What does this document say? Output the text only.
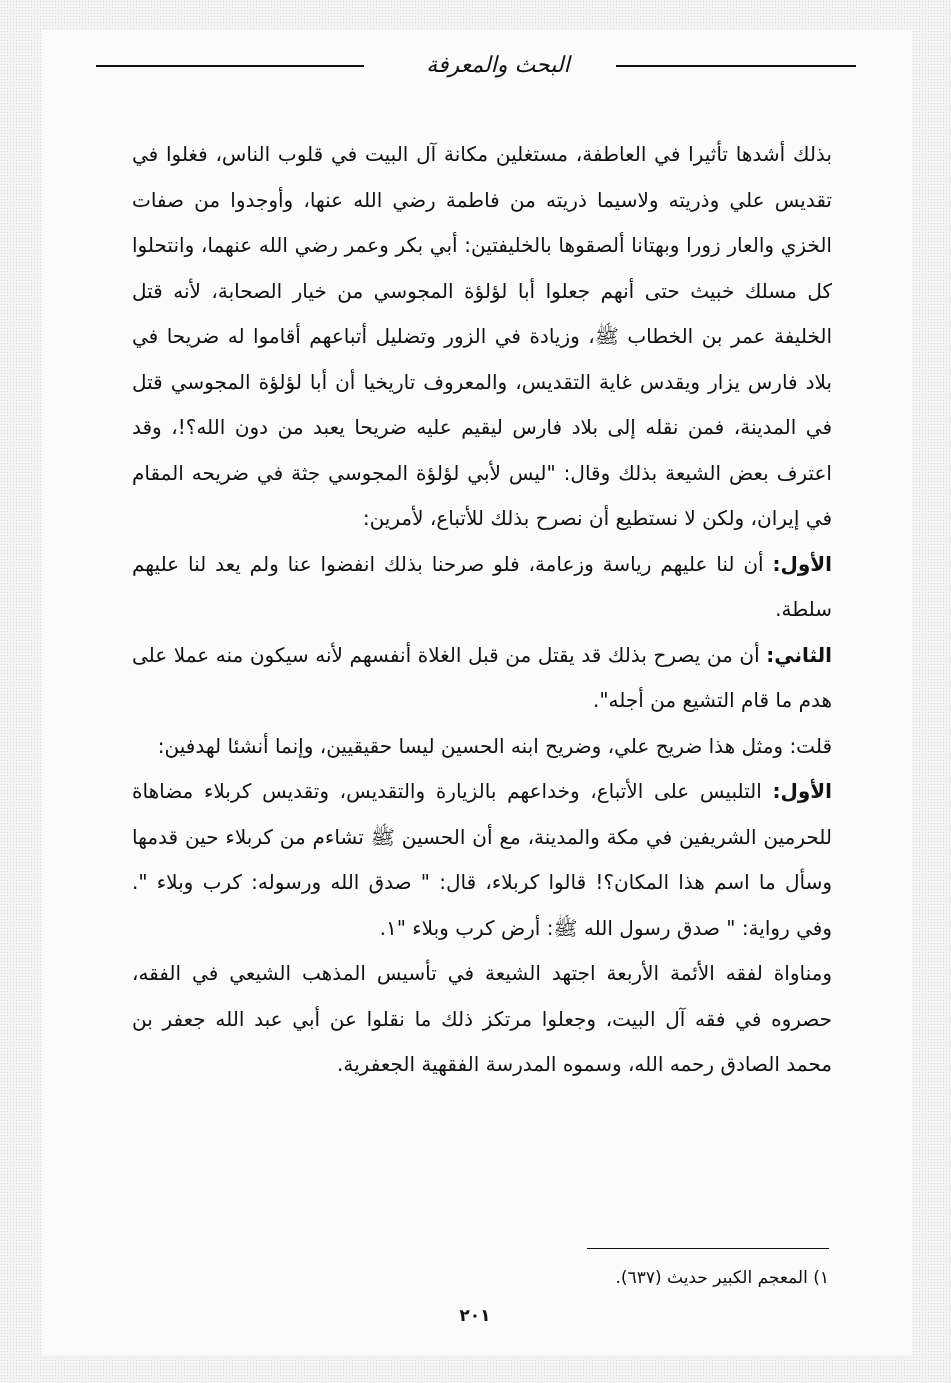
البحث والمعرفة

بذلك أشدها تأثيرا في العاطفة، مستغلين مكانة آل البيت في قلوب الناس، فغلوا في تقديس علي وذريته ولاسيما ذريته من فاطمة رضي الله عنها، وأوجدوا من صفات الخزي والعار زورا وبهتانا ألصقوها بالخليفتين: أبي بكر وعمر رضي الله عنهما، وانتحلوا كل مسلك خبيث حتى أنهم جعلوا أبا لؤلؤة المجوسي من خيار الصحابة، لأنه قتل الخليفة عمر بن الخطاب ﷺ، وزيادة في الزور وتضليل أتباعهم أقاموا له ضريحا في بلاد فارس يزار ويقدس غاية التقديس، والمعروف تاريخيا أن أبا لؤلؤة المجوسي قتل في المدينة، فمن نقله إلى بلاد فارس ليقيم عليه ضريحا يعبد من دون الله؟!، وقد اعترف بعض الشيعة بذلك وقال: "ليس لأبي لؤلؤة المجوسي جثة في ضريحه المقام في إيران، ولكن لا نستطيع أن نصرح بذلك للأتباع، لأمرين:

الأول: أن لنا عليهم رياسة وزعامة، فلو صرحنا بذلك انفضوا عنا ولم يعد لنا عليهم سلطة.

الثاني: أن من يصرح بذلك قد يقتل من قبل الغلاة أنفسهم لأنه سيكون منه عملا على هدم ما قام التشيع من أجله".

قلت: ومثل هذا ضريح علي، وضريح ابنه الحسين ليسا حقيقيين، وإنما أنشئا لهدفين:

الأول: التلبيس على الأتباع، وخداعهم بالزيارة والتقديس، وتقديس كربلاء مضاهاة للحرمين الشريفين في مكة والمدينة، مع أن الحسين ﷺ تشاءم من كربلاء حين قدمها وسأل ما اسم هذا المكان؟! قالوا كربلاء، قال: " صدق الله ورسوله: كرب وبلاء ". وفي رواية: " صدق رسول الله ﷺ: أرض كرب وبلاء "١.

ومناواة لفقه الأئمة الأربعة اجتهد الشيعة في تأسيس المذهب الشيعي في الفقه، حصروه في فقه آل البيت، وجعلوا مرتكز ذلك ما نقلوا عن أبي عبد الله جعفر بن محمد الصادق رحمه الله، وسموه المدرسة الفقهية الجعفرية.

١) المعجم الكبير حديث (٦٣٧).
٢٠١
